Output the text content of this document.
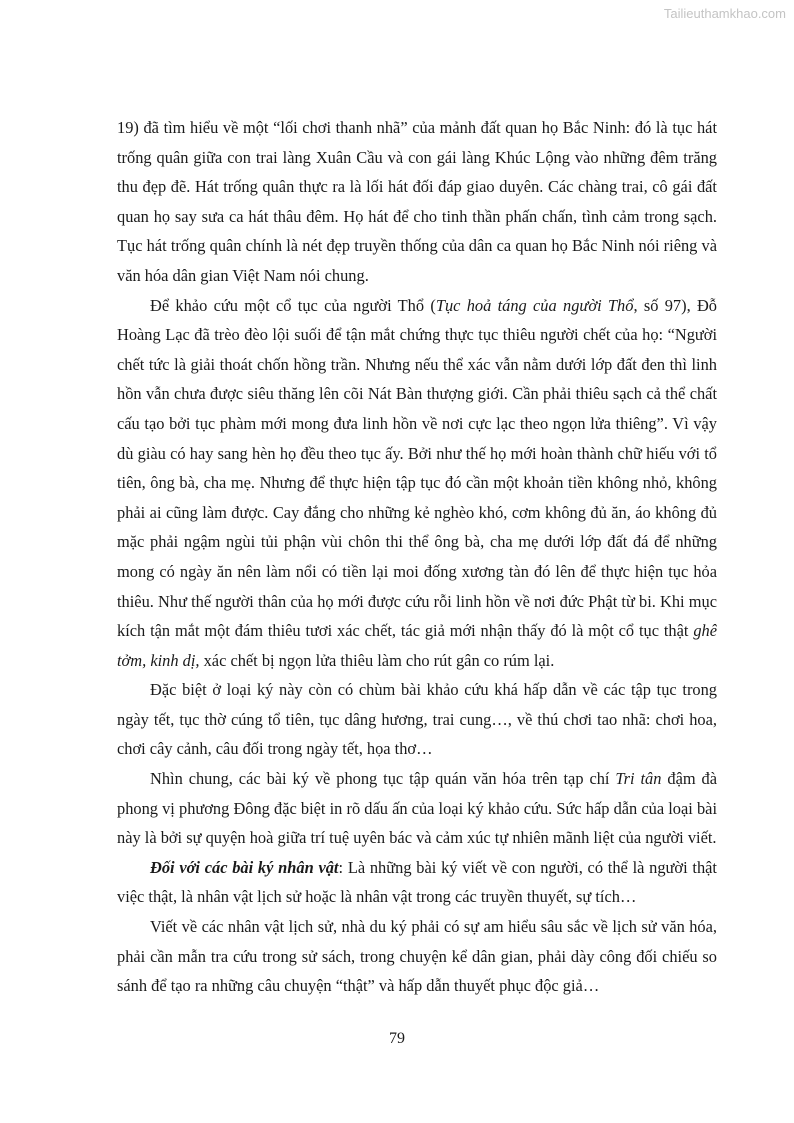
Tailieuthamkhao.com

19) đã tìm hiểu về một “lối chơi thanh nhã” của mảnh đất quan họ Bắc Ninh: đó là tục hát trống quân giữa con trai làng Xuân Cầu và con gái làng Khúc Lộng vào những đêm trăng thu đẹp đẽ. Hát trống quân thực ra là lối hát đối đáp giao duyên. Các chàng trai, cô gái đất quan họ say sưa ca hát thâu đêm. Họ hát để cho tinh thần phấn chấn, tình cảm trong sạch. Tục hát trống quân chính là nét đẹp truyền thống của dân ca quan họ Bắc Ninh nói riêng và văn hóa dân gian Việt Nam nói chung.

Để khảo cứu một cổ tục của người Thổ (Tục hoả táng của người Thổ, số 97), Đỗ Hoàng Lạc đã trèo đèo lội suối để tận mắt chứng thực tục thiêu người chết của họ: “Người chết tức là giải thoát chốn hồng trần. Nhưng nếu thể xác vẫn nằm dưới lớp đất đen thì linh hồn vẫn chưa được siêu thăng lên cõi Nát Bàn thượng giới. Cần phải thiêu sạch cả thể chất cấu tạo bởi tục phàm mới mong đưa linh hồn về nơi cực lạc theo ngọn lửa thiêng”. Vì vậy dù giàu có hay sang hèn họ đều theo tục ấy. Bởi như thế họ mới hoàn thành chữ hiếu với tổ tiên, ông bà, cha mẹ. Nhưng để thực hiện tập tục đó cần một khoản tiền không nhỏ, không phải ai cũng làm được. Cay đắng cho những kẻ nghèo khó, cơm không đủ ăn, áo không đủ mặc phải ngậm ngùi tủi phận vùi chôn thi thể ông bà, cha mẹ dưới lớp đất đá để những mong có ngày ăn nên làm nổi có tiền lại moi đống xương tàn đó lên để thực hiện tục hỏa thiêu. Như thế người thân của họ mới được cứu rỗi linh hồn về nơi đức Phật từ bi. Khi mục kích tận mắt một đám thiêu tươi xác chết, tác giả mới nhận thấy đó là một cổ tục thật ghê tởm, kinh dị, xác chết bị ngọn lửa thiêu làm cho rút gân co rúm lại.

Đặc biệt ở loại ký này còn có chùm bài khảo cứu khá hấp dẫn về các tập tục trong ngày tết, tục thờ cúng tổ tiên, tục dâng hương, trai cung…, về thú chơi tao nhã: chơi hoa, chơi cây cảnh, câu đối trong ngày tết, họa thơ…

Nhìn chung, các bài ký về phong tục tập quán văn hóa trên tạp chí Tri tân đậm đà phong vị phương Đông đặc biệt in rõ dấu ấn của loại ký khảo cứu. Sức hấp dẫn của loại bài này là bởi sự quyện hoà giữa trí tuệ uyên bác và cảm xúc tự nhiên mãnh liệt của người viết.

Đối với các bài ký nhân vật: Là những bài ký viết về con người, có thể là người thật việc thật, là nhân vật lịch sử hoặc là nhân vật trong các truyền thuyết, sự tích…

Viết về các nhân vật lịch sử, nhà du ký phải có sự am hiểu sâu sắc về lịch sử văn hóa, phải cần mẫn tra cứu trong sử sách, trong chuyện kể dân gian, phải dày công đối chiếu so sánh để tạo ra những câu chuyện “thật” và hấp dẫn thuyết phục độc giả…

79
